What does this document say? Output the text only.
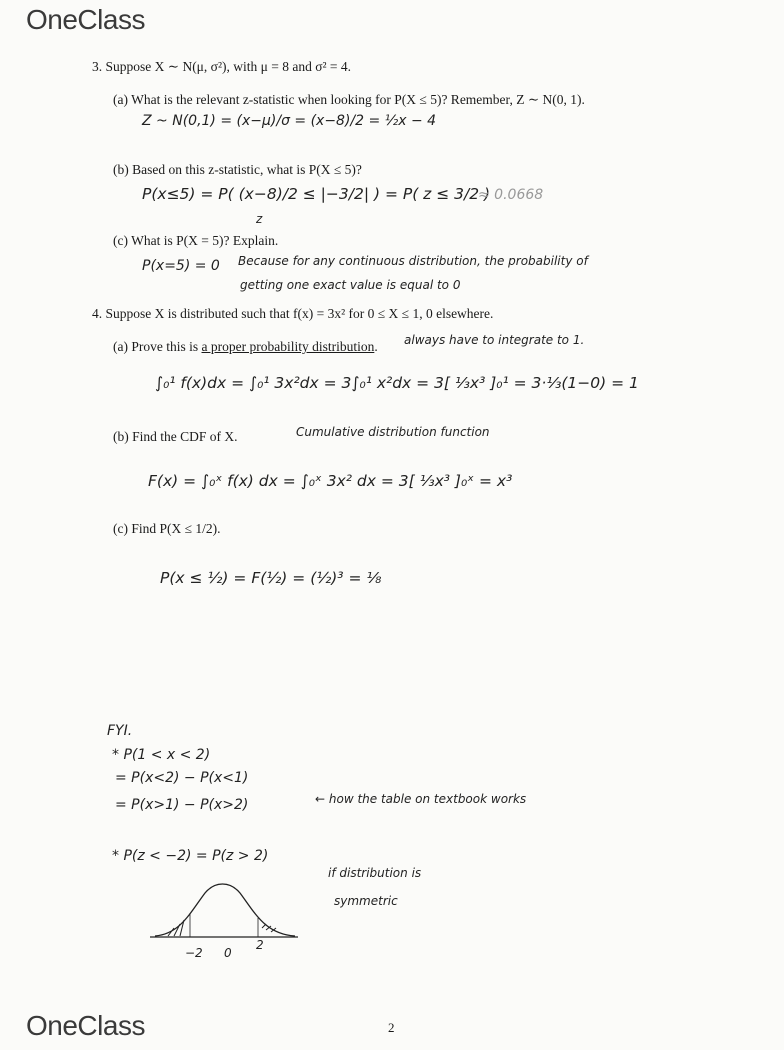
OneClass
OneClass
3. Suppose X ∼ N(μ, σ²), with μ = 8 and σ² = 4.
(a) What is the relevant z-statistic when looking for P(X ≤ 5)? Remember, Z ∼ N(0, 1).
Z ~ N(0,1) = (x−μ)/σ = (x−8)/2 = ½x − 4
(b) Based on this z-statistic, what is P(X ≤ 5)?
P(x≤5) = P( (x−8)/2 ≤ |−3/2| ) = P( z ≤ 3/2 )
z
≈ 0.0668
(c) What is P(X = 5)? Explain.
P(x=5) = 0 Because for any continuous distribution, the probability of
getting one exact value is equal to 0
4. Suppose X is distributed such that f(x) = 3x² for 0 ≤ X ≤ 1, 0 elsewhere.
(a) Prove this is a proper probability distribution. always have to integrate to 1.
∫₀¹ f(x)dx = ∫₀¹ 3x²dx = 3∫₀¹ x²dx = 3[ ⅓x³ ]₀¹ = 3·⅓(1−0) = 1
(b) Find the CDF of X.	Cumulative distribution function
F(x) = ∫₀ˣ f(x) dx = ∫₀ˣ 3x² dx = 3[ ⅓x³ ]₀ˣ = x³
(c) Find P(X ≤ 1/2).
P(x ≤ ½) = F(½) = (½)³ = ⅛
FYI.
* P(1 < x < 2)
= P(x<2) − P(x<1)
= P(x>1) − P(x>2)	← how the table on textbook works
* P(z < −2) = P(z > 2)
if distribution is
symmetric
−2 0
2
2
